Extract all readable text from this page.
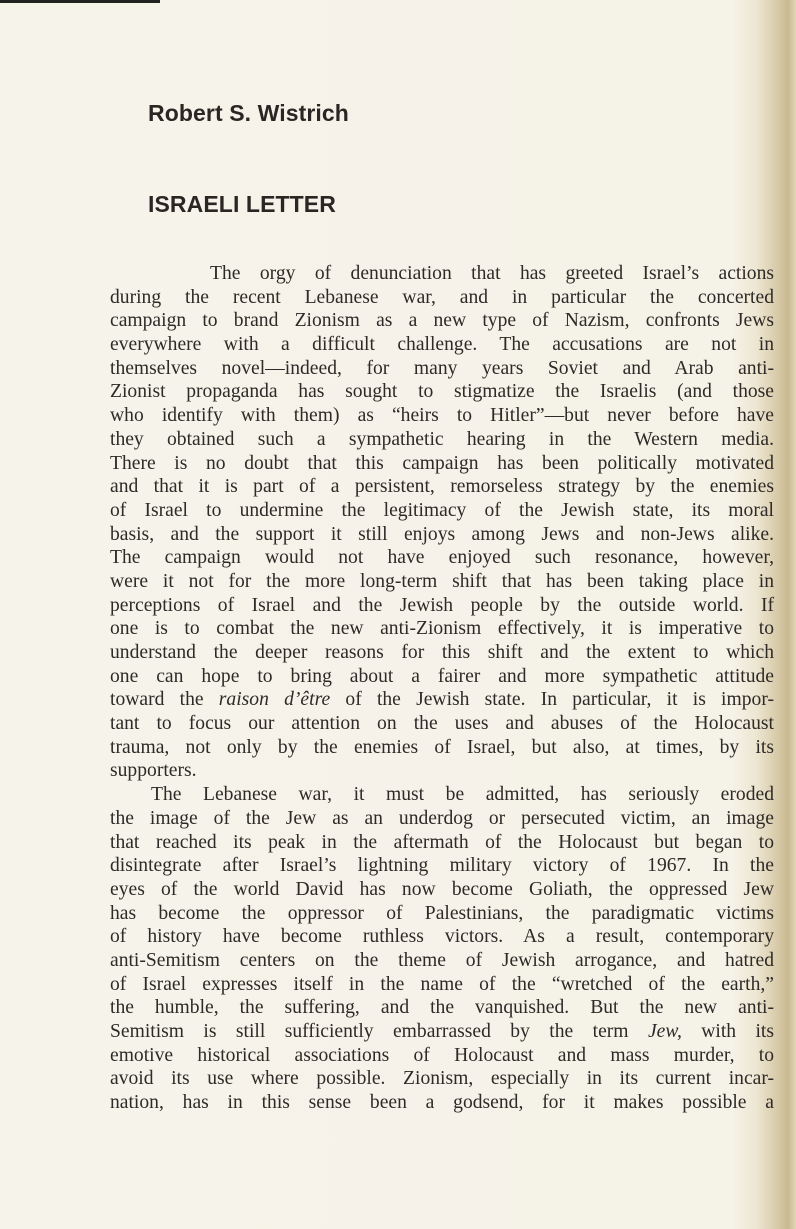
Robert S. Wistrich
ISRAELI LETTER
The orgy of denunciation that has greeted Israel’s actions
during the recent Lebanese war, and in particular the concerted
campaign to brand Zionism as a new type of Nazism, confronts Jews
everywhere with a difficult challenge. The accusations are not in
themselves novel—indeed, for many years Soviet and Arab anti-
Zionist propaganda has sought to stigmatize the Israelis (and those
who identify with them) as “heirs to Hitler”—but never before have
they obtained such a sympathetic hearing in the Western media.
There is no doubt that this campaign has been politically motivated
and that it is part of a persistent, remorseless strategy by the enemies
of Israel to undermine the legitimacy of the Jewish state, its moral
basis, and the support it still enjoys among Jews and non-Jews alike.
The campaign would not have enjoyed such resonance, however,
were it not for the more long-term shift that has been taking place in
perceptions of Israel and the Jewish people by the outside world. If
one is to combat the new anti-Zionism effectively, it is imperative to
understand the deeper reasons for this shift and the extent to which
one can hope to bring about a fairer and more sympathetic attitude
toward the raison d’être of the Jewish state. In particular, it is impor-
tant to focus our attention on the uses and abuses of the Holocaust
trauma, not only by the enemies of Israel, but also, at times, by its
supporters.
The Lebanese war, it must be admitted, has seriously eroded
the image of the Jew as an underdog or persecuted victim, an image
that reached its peak in the aftermath of the Holocaust but began to
disintegrate after Israel’s lightning military victory of 1967. In the
eyes of the world David has now become Goliath, the oppressed Jew
has become the oppressor of Palestinians, the paradigmatic victims
of history have become ruthless victors. As a result, contemporary
anti-Semitism centers on the theme of Jewish arrogance, and hatred
of Israel expresses itself in the name of the “wretched of the earth,”
the humble, the suffering, and the vanquished. But the new anti-
Semitism is still sufficiently embarrassed by the term Jew, with its
emotive historical associations of Holocaust and mass murder, to
avoid its use where possible. Zionism, especially in its current incar-
nation, has in this sense been a godsend, for it makes possible a
